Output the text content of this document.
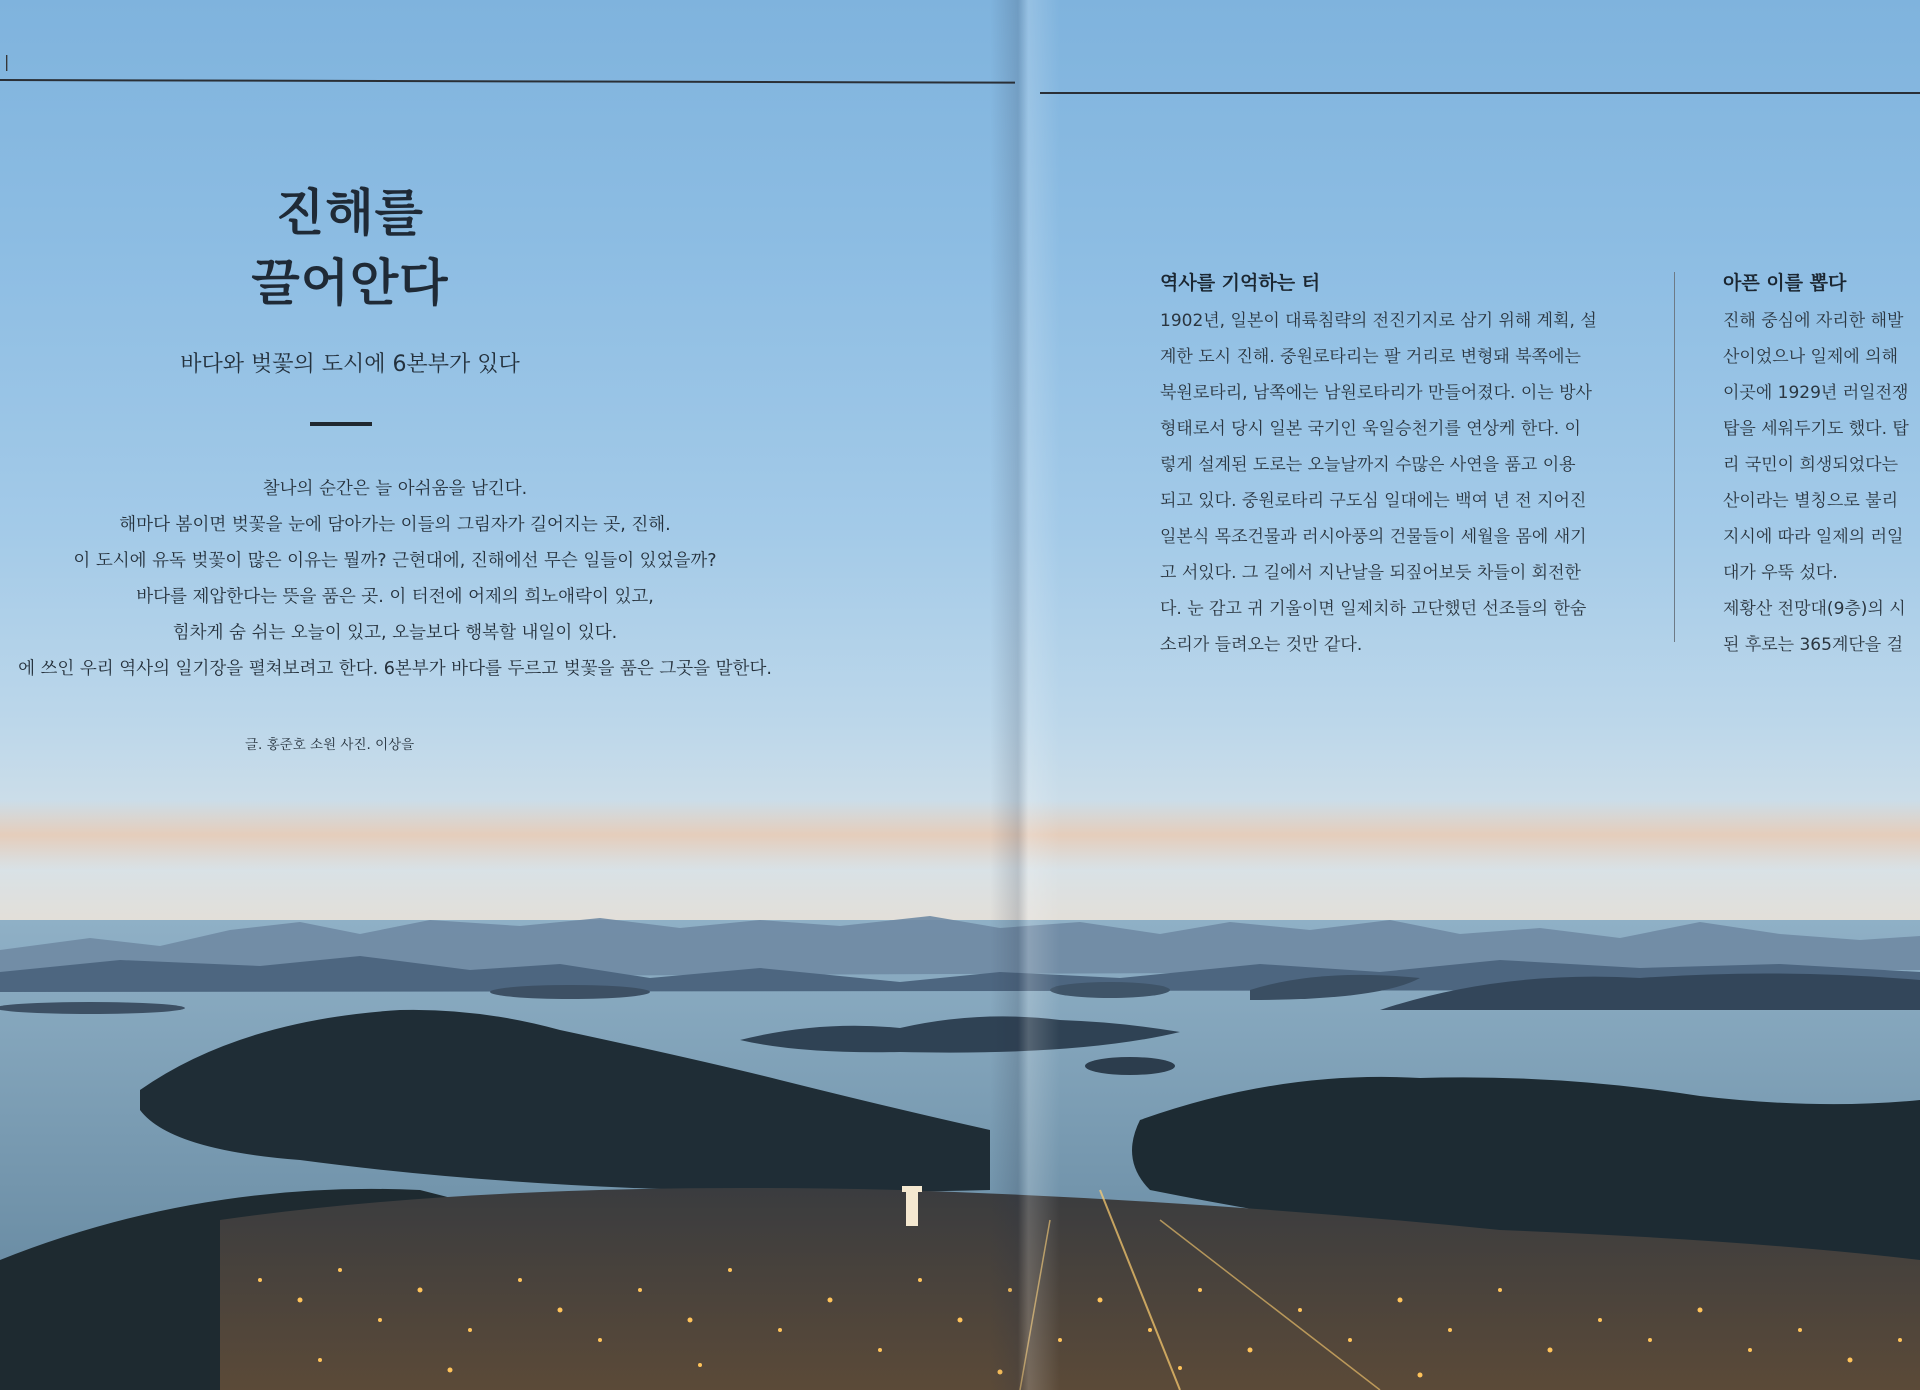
|
진해를
끌어안다

바다와 벚꽃의 도시에 6본부가 있다

찰나의 순간은 늘 아쉬움을 남긴다.
해마다 봄이면 벚꽃을 눈에 담아가는 이들의 그림자가 길어지는 곳, 진해.
이 도시에 유독 벚꽃이 많은 이유는 뭘까? 근현대에, 진해에선 무슨 일들이 있었을까?
바다를 제압한다는 뜻을 품은 곳. 이 터전에 어제의 희노애락이 있고,
힘차게 숨 쉬는 오늘이 있고, 오늘보다 행복할 내일이 있다.
에 쓰인 우리 역사의 일기장을 펼쳐보려고 한다. 6본부가 바다를 두르고 벚꽃을 품은 그곳을 말한다.

글. 홍준호 소원 사진. 이상을

역사를 기억하는 터
1902년, 일본이 대륙침략의 전진기지로 삼기 위해 계획, 설
계한 도시 진해. 중원로타리는 팔 거리로 변형돼 북쪽에는
북원로타리, 남쪽에는 남원로타리가 만들어졌다. 이는 방사
형태로서 당시 일본 국기인 욱일승천기를 연상케 한다. 이
렇게 설계된 도로는 오늘날까지 수많은 사연을 품고 이용
되고 있다. 중원로타리 구도심 일대에는 백여 년 전 지어진
일본식 목조건물과 러시아풍의 건물들이 세월을 몸에 새기
고 서있다. 그 길에서 지난날을 되짚어보듯 차들이 회전한
다. 눈 감고 귀 기울이면 일제치하 고단했던 선조들의 한숨
소리가 들려오는 것만 같다.
아픈 이를 뽑다
진해 중심에 자리한 해발
산이었으나 일제에 의해
이곳에 1929년 러일전쟁
탑을 세워두기도 했다. 탑
리 국민이 희생되었다는
산이라는 별칭으로 불리
지시에 따라 일제의 러일
대가 우뚝 섰다.
제황산 전망대(9층)의 시
된 후로는 365계단을 걸
